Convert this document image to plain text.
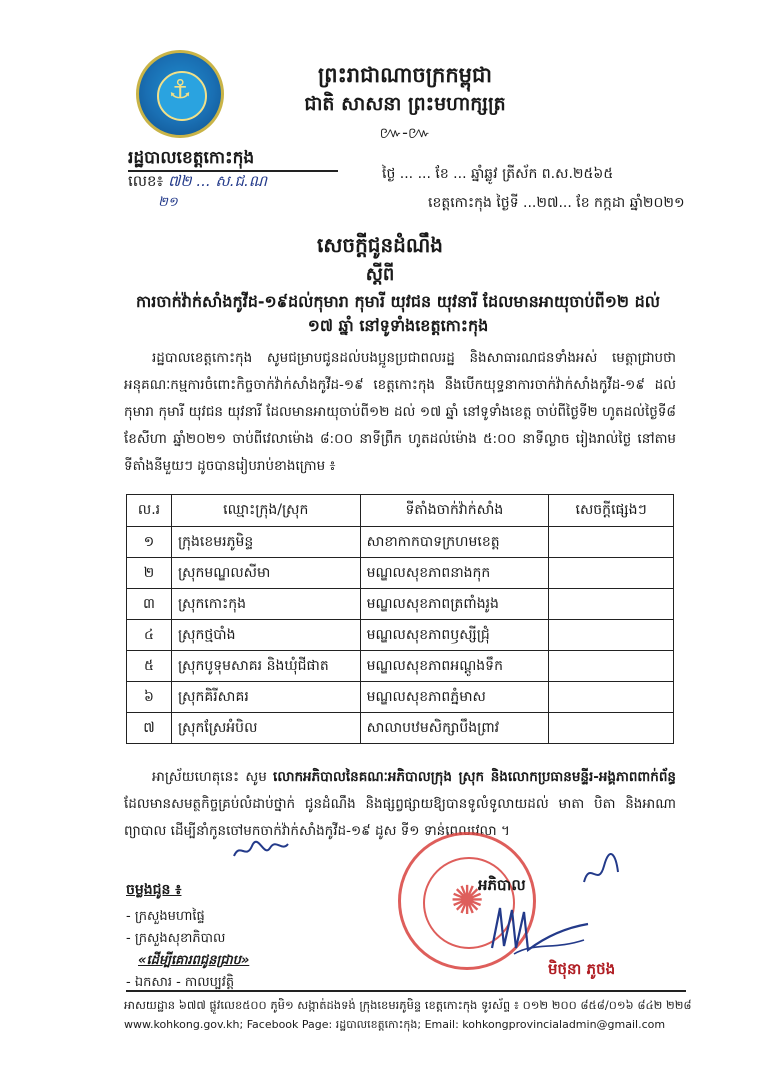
⚓	ព្រះរាជាណាចក្រកម្ពុជា
ជាតិ សាសនា ព្រះមហាក្សត្រ
៚-៚
រដ្ឋបាលខេត្តកោះកុង
លេខ៖ ៧២ ... ស.ជ.ណ
២១
ថ្ងៃ ... ... ខែ ... ឆ្នាំឆ្លូវ ត្រីស័ក ព.ស.២៥៦៥
ខេត្តកោះកុង ថ្ងៃទី ...២៧... ខែ កក្កដា ឆ្នាំ២០២១
សេចក្តីជូនដំណឹង
ស្តីពី
ការចាក់វ៉ាក់សាំងកូវីដ-១៩ដល់កុមារា កុមារី យុវជន យុវនារី ដែលមានអាយុចាប់ពី១២ ដល់ ១៧ ឆ្នាំ នៅទូទាំងខេត្តកោះកុង
រដ្ឋបាលខេត្តកោះកុង សូមជម្រាបជូនដល់បងប្អូនប្រជាពលរដ្ឋ និងសាធារណជនទាំងអស់ មេត្តាជ្រាបថា អនុគណៈកម្មការចំពោះកិច្ចចាក់វ៉ាក់សាំងកូវីដ-១៩ ខេត្តកោះកុង នឹងបើកយុទ្ធនាការចាក់វ៉ាក់សាំងកូវីដ-១៩ ដល់កុមារា កុមារី យុវជន យុវនារី ដែលមានអាយុចាប់ពី១២ ដល់ ១៧ ឆ្នាំ នៅទូទាំងខេត្ត ចាប់ពីថ្ងៃទី២ ហូតដល់ថ្ងៃទី៨ ខែសីហា ឆ្នាំ២០២១ ចាប់ពីវេលាម៉ោង ៨:០០ នាទីព្រឹក ហូតដល់ម៉ោង ៥:០០ នាទីល្ងាច រៀងរាល់ថ្ងៃ នៅតាមទីតាំងនីមួយៗ ដូចបានរៀបរាប់ខាងក្រោម ៖
ល.រ	ឈ្មោះក្រុង/ស្រុក	ទីតាំងចាក់វ៉ាក់សាំង	សេចក្តីផ្សេងៗ
១	ក្រុងខេមរភូមិន្ទ	សាខាកាកបាទក្រហមខេត្ត	
២	ស្រុកមណ្ឌលសីមា	មណ្ឌលសុខភាពនាងកុក	
៣	ស្រុកកោះកុង	មណ្ឌលសុខភាពត្រពាំងរូង	
៤	ស្រុកថ្មបាំង	មណ្ឌលសុខភាពឫស្សីជ្រុំ	
៥	ស្រុកបូទុមសាគរ និងឃុំជីផាត	មណ្ឌលសុខភាពអណ្តូងទឹក	
៦	ស្រុកគិរីសាគរ	មណ្ឌលសុខភាពភ្នំមាស	
៧	ស្រុកស្រែអំបិល	សាលាបឋមសិក្សាបឹងព្រាវ	
អាស្រ័យហេតុនេះ សូម លោកអភិបាលនៃគណៈអភិបាលក្រុង ស្រុក និងលោកប្រធានមន្ទីរ-អង្គភាពពាក់ព័ន្ធ ដែលមានសមត្ថកិច្ចគ្រប់លំដាប់ថ្នាក់ ជូនដំណឹង និងផ្សព្វផ្សាយឱ្យបានទូលំទូលាយដល់ មាតា បិតា និងអាណាព្យាបាល ដើម្បីនាំកូនចៅមកចាក់វ៉ាក់សាំងកូវីដ-១៩ ដូស ទី១ ទាន់ពេលវេលា ។
ចម្លងជូន ៖
- ក្រសួងមហាផ្ទៃ
- ក្រសួងសុខាភិបាល
«ដើម្បីគោរពជូនជ្រាប»
- ឯកសារ - កាលប្បវត្តិ
✺
អភិបាល
មិថុនា ភូថង
អាសយដ្ឋាន ៦៧៧ ផ្លូវលេខ៥០០ ភូមិ១ សង្កាត់ដងទង់ ក្រុងខេមរភូមិន្ទ ខេត្តកោះកុង ទូរស័ព្ទ ៖ ០១២ ២០០ ៨៥៨/០១៦ ៨៤២ ២២៨
www.kohkong.gov.kh; Facebook Page: រដ្ឋបាលខេត្តកោះកុង; Email: kohkongprovincialadmin@gmail.com
